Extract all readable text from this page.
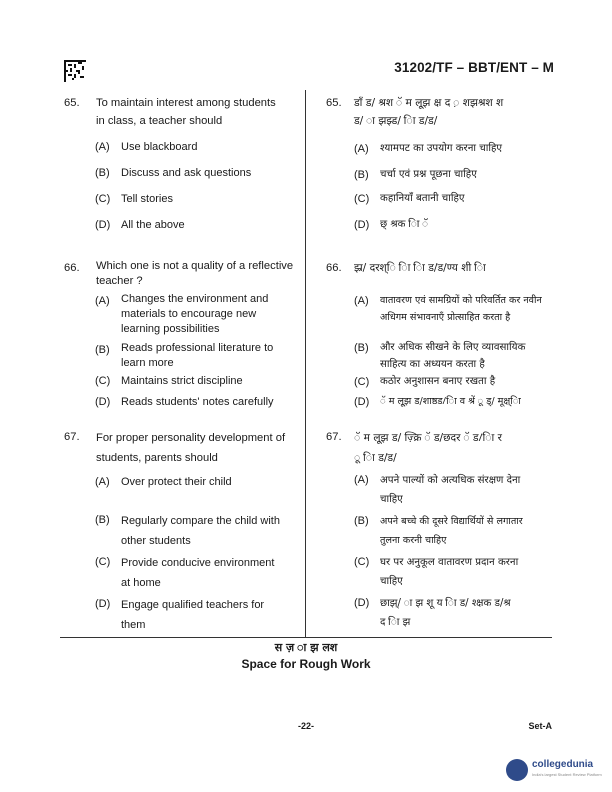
31202/TF – BBT/ENT – M
65. To maintain interest among students
in class, a teacher should
(A) Use blackboard
(B) Discuss and ask questions
(C) Tell stories
(D) All the above
66. Which one is not a quality of a reflective
teacher ?
(A) Changes the environment and
materials to encourage new
learning possibilities
(B) Reads professional literature to
learn more
(C) Maintains strict discipline
(D) Reads students' notes carefully
67. For proper personality development of
students, parents should
(A) Over protect their child
(B) Regularly compare the child with
other students
(C) Provide conducive environment
at home
(D) Engage qualified teachers for
them
65. डाँ ड/ श्रश ॅ म लू्झ क्ष द ़ शझश्रश श
ड/ ा झझ्ड/ ाि ड/ड/
(A) श्यामपट का उपयोग करना चाहिए
(B) चर्चा एवं प्रश्न पूछना चाहिए
(C) कहानियाँ बतानी चाहिए
(D) छ् श्रक ाि ॅ
66. झ्र/ दरश्ि ाि ाि ड/ड/ण्य शी ाि
(A) वातावरण एवं सामग्रियों को परिवर्तित कर नवीन
अधिगम संभावनाएँ प्रोत्साहित करता है
(B) और अधिक सीखने के लिए व्यावसायिक
साहित्य का अध्ययन करता है
(C) कठोर अनुशासन बनाए रखता है
(D) ॅ म लू्झ ड/शाष्ठड/ाि व श्रें ू ड्/ मूक्ष्ाि
67. ॅ म लू्झ ड/ ज़्क्रि ॅ ड/छदर ॅ ड/ाि र
ू ाि ड/ड/
(A) अपने पाल्यों को अत्यधिक संरक्षण देना
चाहिए
(B) अपने बच्चे की दूसरे विद्यार्थियों से लगातार
तुलना करनी चाहिए
(C) घर पर अनुकूल वातावरण प्रदान करना
चाहिए
(D) छाझ्/ ा झ शू य ाि ड/ श्क्षक ड/श्र
द ाि झ
स ज़ ा झ लश
Space for Rough Work
-22-	Set-A
collegedunia
India's largest Student Review Platform
